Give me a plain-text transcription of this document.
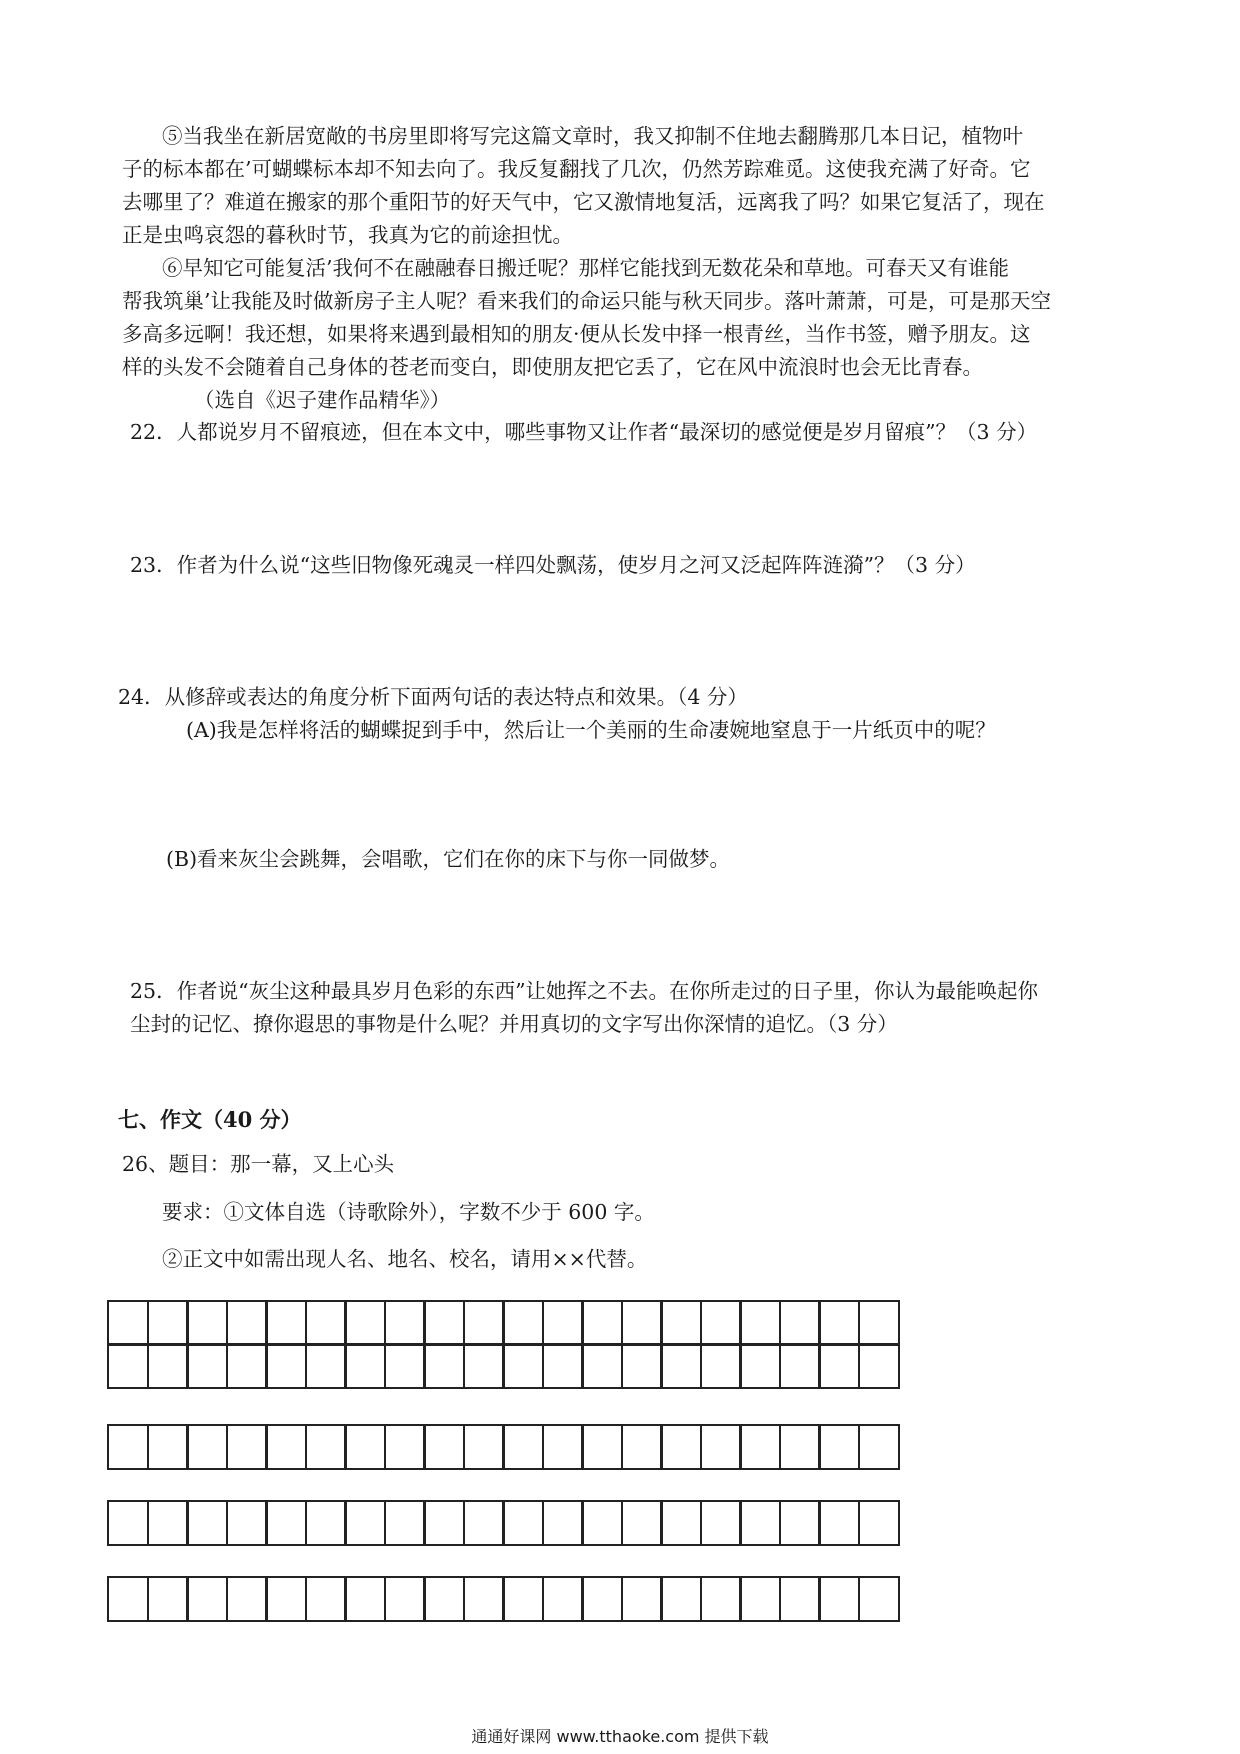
⑤当我坐在新居宽敞的书房里即将写完这篇文章时，我又抑制不住地去翻腾那几本日记，植物叶
子的标本都在’可蝴蝶标本却不知去向了。我反复翻找了几次，仍然芳踪难觅。这使我充满了好奇。它
去哪里了？难道在搬家的那个重阳节的好天气中，它又激情地复活，远离我了吗？如果它复活了，现在
正是虫鸣哀怨的暮秋时节，我真为它的前途担忧。
⑥早知它可能复活’我何不在融融春日搬迁呢？那样它能找到无数花朵和草地。可春天又有谁能
帮我筑巢’让我能及时做新房子主人呢？看来我们的命运只能与秋天同步。落叶萧萧，可是，可是那天空
多高多远啊！我还想，如果将来遇到最相知的朋友·便从长发中择一根青丝，当作书签，赠予朋友。这
样的头发不会随着自己身体的苍老而变白，即使朋友把它丢了，它在风中流浪时也会无比青春。
（选自《迟子建作品精华》）
22．人都说岁月不留痕迹，但在本文中，哪些事物又让作者“最深切的感觉便是岁月留痕”？（3 分）
23．作者为什么说“这些旧物像死魂灵一样四处飘荡，使岁月之河又泛起阵阵涟漪”？（3 分）
24．从修辞或表达的角度分析下面两句话的表达特点和效果。（4 分）
(A)我是怎样将活的蝴蝶捉到手中，然后让一个美丽的生命凄婉地窒息于一片纸页中的呢？
(B)看来灰尘会跳舞，会唱歌，它们在你的床下与你一同做梦。
25．作者说“灰尘这种最具岁月色彩的东西”让她挥之不去。在你所走过的日子里，你认为最能唤起你
尘封的记忆、撩你遐思的事物是什么呢？并用真切的文字写出你深情的追忆。（3 分）
七、作文（40 分）
26、题目：那一幕，又上心头
要求：①文体自选（诗歌除外），字数不少于 600 字。
②正文中如需出现人名、地名、校名，请用××代替。
通通好课网 www.tthaoke.com 提供下载
